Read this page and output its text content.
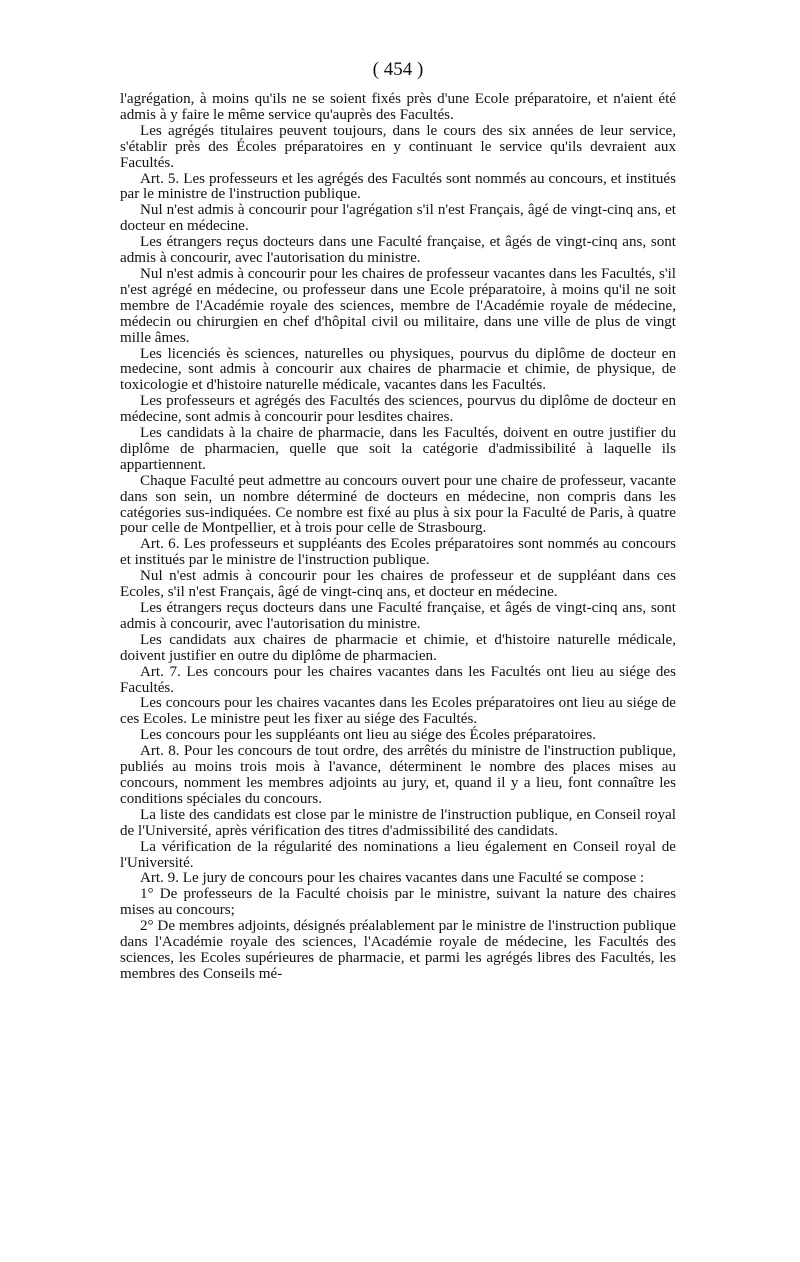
( 454 )

l'agrégation, à moins qu'ils ne se soient fixés près d'une Ecole préparatoire, et n'aient été admis à y faire le même service qu'auprès des Facultés.

Les agrégés titulaires peuvent toujours, dans le cours des six années de leur service, s'établir près des Écoles préparatoires en y continuant le service qu'ils devraient aux Facultés.

Art. 5. Les professeurs et les agrégés des Facultés sont nommés au concours, et institués par le ministre de l'instruction publique.

Nul n'est admis à concourir pour l'agrégation s'il n'est Français, âgé de vingt-cinq ans, et docteur en médecine.

Les étrangers reçus docteurs dans une Faculté française, et âgés de vingt-cinq ans, sont admis à concourir, avec l'autorisation du ministre.

Nul n'est admis à concourir pour les chaires de professeur vacantes dans les Facultés, s'il n'est agrégé en médecine, ou professeur dans une Ecole préparatoire, à moins qu'il ne soit membre de l'Académie royale des sciences, membre de l'Académie royale de médecine, médecin ou chirurgien en chef d'hôpital civil ou militaire, dans une ville de plus de vingt mille âmes.

Les licenciés ès sciences, naturelles ou physiques, pourvus du diplôme de docteur en medecine, sont admis à concourir aux chaires de pharmacie et chimie, de physique, de toxicologie et d'histoire naturelle médicale, vacantes dans les Facultés.

Les professeurs et agrégés des Facultés des sciences, pourvus du diplôme de docteur en médecine, sont admis à concourir pour lesdites chaires.

Les candidats à la chaire de pharmacie, dans les Facultés, doivent en outre justifier du diplôme de pharmacien, quelle que soit la catégorie d'admissibilité à laquelle ils appartiennent.

Chaque Faculté peut admettre au concours ouvert pour une chaire de professeur, vacante dans son sein, un nombre déterminé de docteurs en médecine, non compris dans les catégories sus-indiquées. Ce nombre est fixé au plus à six pour la Faculté de Paris, à quatre pour celle de Montpellier, et à trois pour celle de Strasbourg.

Art. 6. Les professeurs et suppléants des Ecoles préparatoires sont nommés au concours et institués par le ministre de l'instruction publique.

Nul n'est admis à concourir pour les chaires de professeur et de suppléant dans ces Ecoles, s'il n'est Français, âgé de vingt-cinq ans, et docteur en médecine.

Les étrangers reçus docteurs dans une Faculté française, et âgés de vingt-cinq ans, sont admis à concourir, avec l'autorisation du ministre.

Les candidats aux chaires de pharmacie et chimie, et d'histoire naturelle médicale, doivent justifier en outre du diplôme de pharmacien.

Art. 7. Les concours pour les chaires vacantes dans les Facultés ont lieu au siége des Facultés.

Les concours pour les chaires vacantes dans les Ecoles préparatoires ont lieu au siége de ces Ecoles. Le ministre peut les fixer au siége des Facultés.

Les concours pour les suppléants ont lieu au siége des Écoles préparatoires.

Art. 8. Pour les concours de tout ordre, des arrêtés du ministre de l'instruction publique, publiés au moins trois mois à l'avance, déterminent le nombre des places mises au concours, nomment les membres adjoints au jury, et, quand il y a lieu, font connaître les conditions spéciales du concours.

La liste des candidats est close par le ministre de l'instruction publique, en Conseil royal de l'Université, après vérification des titres d'admissibilité des candidats.

La vérification de la régularité des nominations a lieu également en Conseil royal de l'Université.

Art. 9. Le jury de concours pour les chaires vacantes dans une Faculté se compose :

1° De professeurs de la Faculté choisis par le ministre, suivant la nature des chaires mises au concours;

2° De membres adjoints, désignés préalablement par le ministre de l'instruction publique dans l'Académie royale des sciences, l'Académie royale de médecine, les Facultés des sciences, les Ecoles supérieures de pharmacie, et parmi les agrégés libres des Facultés, les membres des Conseils mé-
